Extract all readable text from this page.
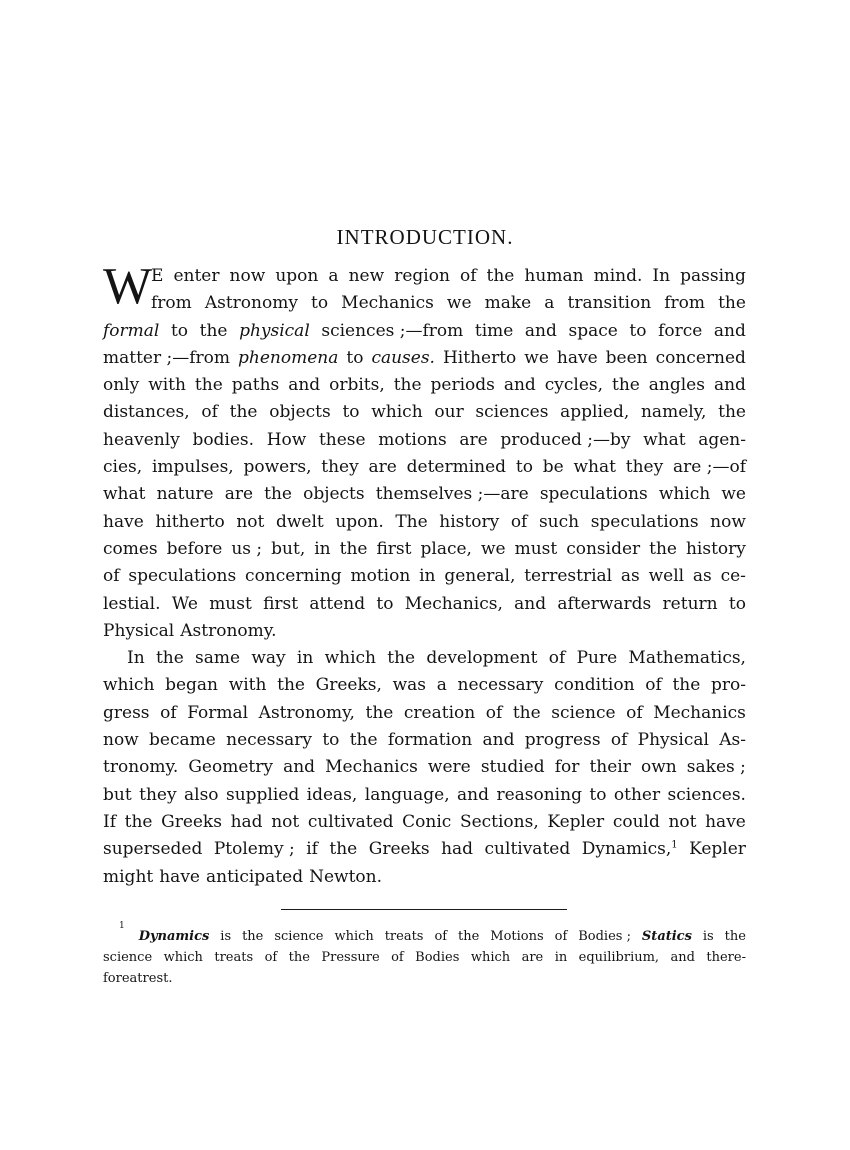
INTRODUCTION.
W
E enter now upon a new region of the human mind. In passing
from Astronomy to Mechanics we make a transition from the
formal to the physical sciences ;—from time and space to force and
matter ;—from phenomena to causes. Hitherto we have been concerned
only with the paths and orbits, the periods and cycles, the angles and
distances, of the objects to which our sciences applied, namely, the
heavenly bodies. How these motions are produced ;—by what agen-
cies, impulses, powers, they are determined to be what they are ;—of
what nature are the objects themselves ;—are speculations which we
have hitherto not dwelt upon. The history of such speculations now
comes before us ; but, in the first place, we must consider the history
of speculations concerning motion in general, terrestrial as well as ce-
lestial. We must first attend to Mechanics, and afterwards return to
Physical Astronomy.
In the same way in which the development of Pure Mathematics,
which began with the Greeks, was a necessary condition of the pro-
gress of Formal Astronomy, the creation of the science of Mechanics
now became necessary to the formation and progress of Physical As-
tronomy. Geometry and Mechanics were studied for their own sakes ;
but they also supplied ideas, language, and reasoning to other sciences.
If the Greeks had not cultivated Conic Sections, Kepler could not have
superseded Ptolemy ; if the Greeks had cultivated Dynamics,$^1$ Kepler
might have anticipated Newton.
1
Dynamics is the science which treats of the Motions of Bodies ; Statics is the
science which treats of the Pressure of Bodies which are in equilibrium, and there-
fore at rest.
